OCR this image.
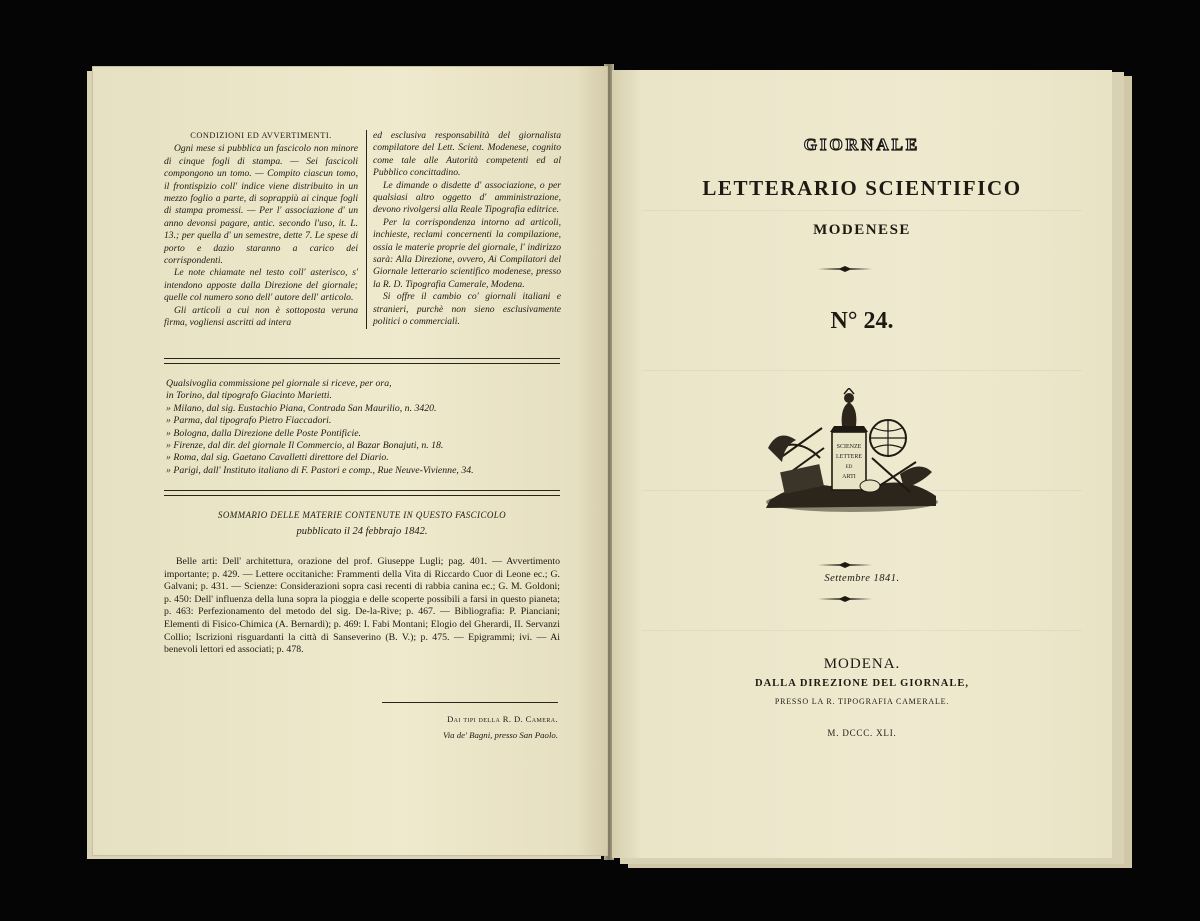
CONDIZIONI ED AVVERTIMENTI.

Ogni mese si pubblica un fascicolo non minore di cinque fogli di stampa. — Sei fascicoli compongono un tomo. — Compito ciascun tomo, il frontispizio coll' indice viene distribuito in un mezzo foglio a parte, di soprappiù ai cinque fogli di stampa promessi. — Per l' associazione d' un anno devonsi pagare, antic. secondo l'uso, it. L. 13.; per quella d' un semestre, dette 7. Le spese di porto e dazio staranno a carico dei corrispondenti.

Le note chiamate nel testo coll' asterisco, s' intendono apposte dalla Direzione del giornale; quelle col numero sono dell' autore dell' articolo.

Gli articoli a cui non è sottoposta veruna firma, vogliensi ascritti ad intera

ed esclusiva responsabilità del giornalista compilatore del Lett. Scient. Modenese, cognito come tale alle Autorità competenti ed al Pubblico concittadino.

Le dimande o disdette d' associazione, o per qualsiasi altro oggetto d' amministrazione, devono rivolgersi alla Reale Tipografia editrice.

Per la corrispondenza intorno ad articoli, inchieste, reclami concernenti la compilazione, ossia le materie proprie del giornale, l' indirizzo sarà: Alla Direzione, ovvero, Ai Compilatori del Giornale letterario scientifico modenese, presso la R. D. Tipografia Camerale, Modena.

Si offre il cambio co' giornali italiani e stranieri, purchè non sieno esclusivamente politici o commerciali.

Qualsivoglia commissione pel giornale si riceve, per ora,
in Torino, dal tipografo Giacinto Marietti.
» Milano, dal sig. Eustachio Piana, Contrada San Maurilio, n. 3420.
» Parma, dal tipografo Pietro Fiaccadori.
» Bologna, dalla Direzione delle Poste Pontificie.
» Firenze, dal dir. del giornale Il Commercio, al Bazar Bonajuti, n. 18.
» Roma, dal sig. Gaetano Cavalletti direttore del Diario.
» Parigi, dall' Instituto italiano di F. Pastori e comp., Rue Neuve-Vivienne, 34.
SOMMARIO DELLE MATERIE CONTENUTE IN QUESTO FASCICOLO
pubblicato il 24 febbrajo 1842.
Belle arti: Dell' architettura, orazione del prof. Giuseppe Lugli; pag. 401. — Avvertimento importante; p. 429. — Lettere occitaniche: Frammenti della Vita di Riccardo Cuor di Leone ec.; G. Galvani; p. 431. — Scienze: Considerazioni sopra casi recenti di rabbia canina ec.; G. M. Goldoni; p. 450: Dell' influenza della luna sopra la pioggia e delle scoperte possibili a farsi in questo pianeta; p. 463: Perfezionamento del metodo del sig. De-la-Rive; p. 467. — Bibliografia: P. Pianciani; Elementi di Fisico-Chimica (A. Bernardi); p. 469: I. Fabi Montani; Elogio del Gherardi, II. Servanzi Collio; Iscrizioni risguardanti la città di Sanseverino (B. V.); p. 475. — Epigrammi; ivi. — Ai benevoli lettori ed associati; p. 478.
Dai tipi della R. D. Camera.
Via de' Bagni, presso San Paolo.
GIORNALE
LETTERARIO SCIENTIFICO
MODENESE
N° 24.
SCIENZE
LETTERE
ED
ARTI
Settembre 1841.
MODENA.
DALLA DIREZIONE DEL GIORNALE,
PRESSO LA R. TIPOGRAFIA CAMERALE.
M. DCCC. XLI.
